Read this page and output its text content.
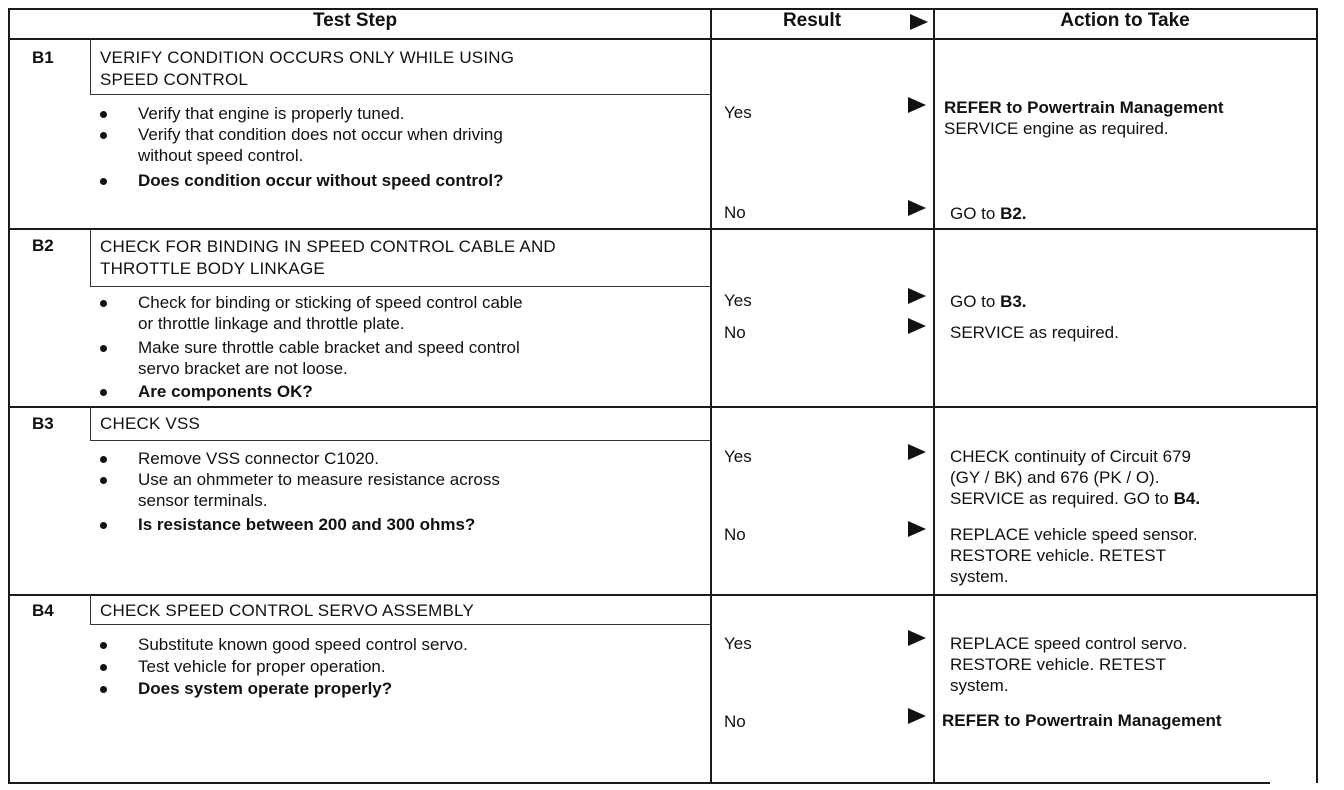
Test Step	Result	Action to Take
B1	VERIFY CONDITION OCCURS ONLY WHILE USING
SPEED CONTROL
Verify that engine is properly tuned.
Verify that condition does not occur when driving
without speed control.
Does condition occur without speed control?
Yes	REFER to Powertrain Management
SERVICE engine as required.
No	GO to B2.
B2	CHECK FOR BINDING IN SPEED CONTROL CABLE AND
THROTTLE BODY LINKAGE
Check for binding or sticking of speed control cable
or throttle linkage and throttle plate.
Make sure throttle cable bracket and speed control
servo bracket are not loose.
Are components OK?
Yes	GO to B3.
No	SERVICE as required.
B3	CHECK VSS
Remove VSS connector C1020.
Use an ohmmeter to measure resistance across
sensor terminals.
Is resistance between 200 and 300 ohms?
Yes	CHECK continuity of Circuit 679
(GY / BK) and 676 (PK / O).
SERVICE as required. GO to B4.
No	REPLACE vehicle speed sensor.
RESTORE vehicle. RETEST
system.
B4	CHECK SPEED CONTROL SERVO ASSEMBLY
Substitute known good speed control servo.
Test vehicle for proper operation.
Does system operate properly?
Yes	REPLACE speed control servo.
RESTORE vehicle. RETEST
system.
No	REFER to Powertrain Management
